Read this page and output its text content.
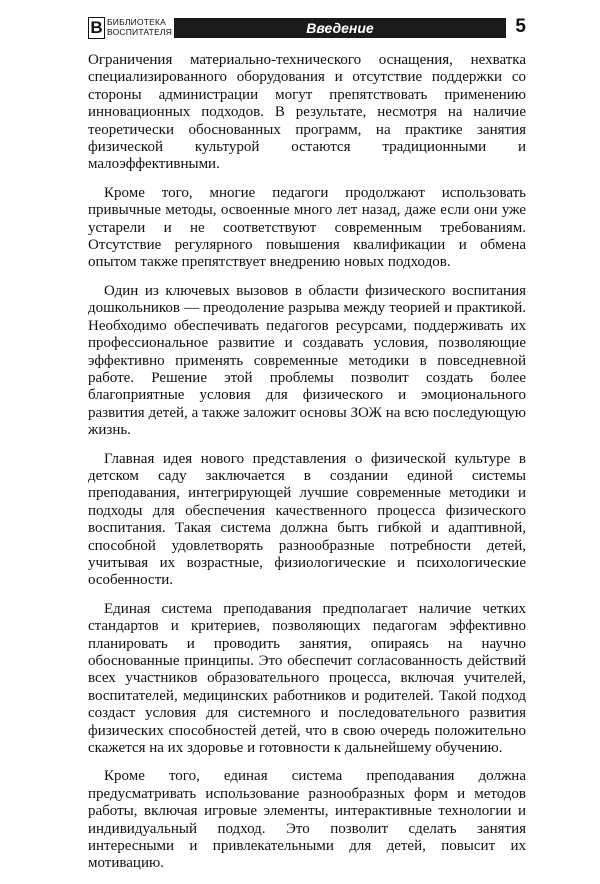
В БИБЛИОТЕКА
ВОСПИТАТЕЛЯ	Введение	5

Ограничения материально-технического оснащения, нехватка специализированного оборудования и отсутствие поддержки со стороны администрации могут препятствовать применению инновационных подходов. В результате, несмотря на наличие теоретически обоснованных программ, на практике занятия физической культурой остаются традиционными и малоэффективными.

Кроме того, многие педагоги продолжают использовать привычные методы, освоенные много лет назад, даже если они уже устарели и не соответствуют современным требованиям. Отсутствие регулярного повышения квалификации и обмена опытом также препятствует внедрению новых подходов.

Один из ключевых вызовов в области физического воспитания дошкольников — преодоление разрыва между теорией и практикой. Необходимо обеспечивать педагогов ресурсами, поддерживать их профессиональное развитие и создавать условия, позволяющие эффективно применять современные методики в повседневной работе. Решение этой проблемы позволит создать более благоприятные условия для физического и эмоционального развития детей, а также заложит основы ЗОЖ на всю последующую жизнь.

Главная идея нового представления о физической культуре в детском саду заключается в создании единой системы преподавания, интегрирующей лучшие современные методики и подходы для обеспечения качественного процесса физического воспитания. Такая система должна быть гибкой и адаптивной, способной удовлетворять разнообразные потребности детей, учитывая их возрастные, физиологические и психологические особенности.

Единая система преподавания предполагает наличие четких стандартов и критериев, позволяющих педагогам эффективно планировать и проводить занятия, опираясь на научно обоснованные принципы. Это обеспечит согласованность действий всех участников образовательного процесса, включая учителей, воспитателей, медицинских работников и родителей. Такой подход создаст условия для системного и последовательного развития физических способностей детей, что в свою очередь положительно скажется на их здоровье и готовности к дальнейшему обучению.

Кроме того, единая система преподавания должна предусматривать использование разнообразных форм и методов работы, включая игровые элементы, интерактивные технологии и индивидуальный подход. Это позволит сделать занятия интересными и привлекательными для детей, повысит их мотивацию.
